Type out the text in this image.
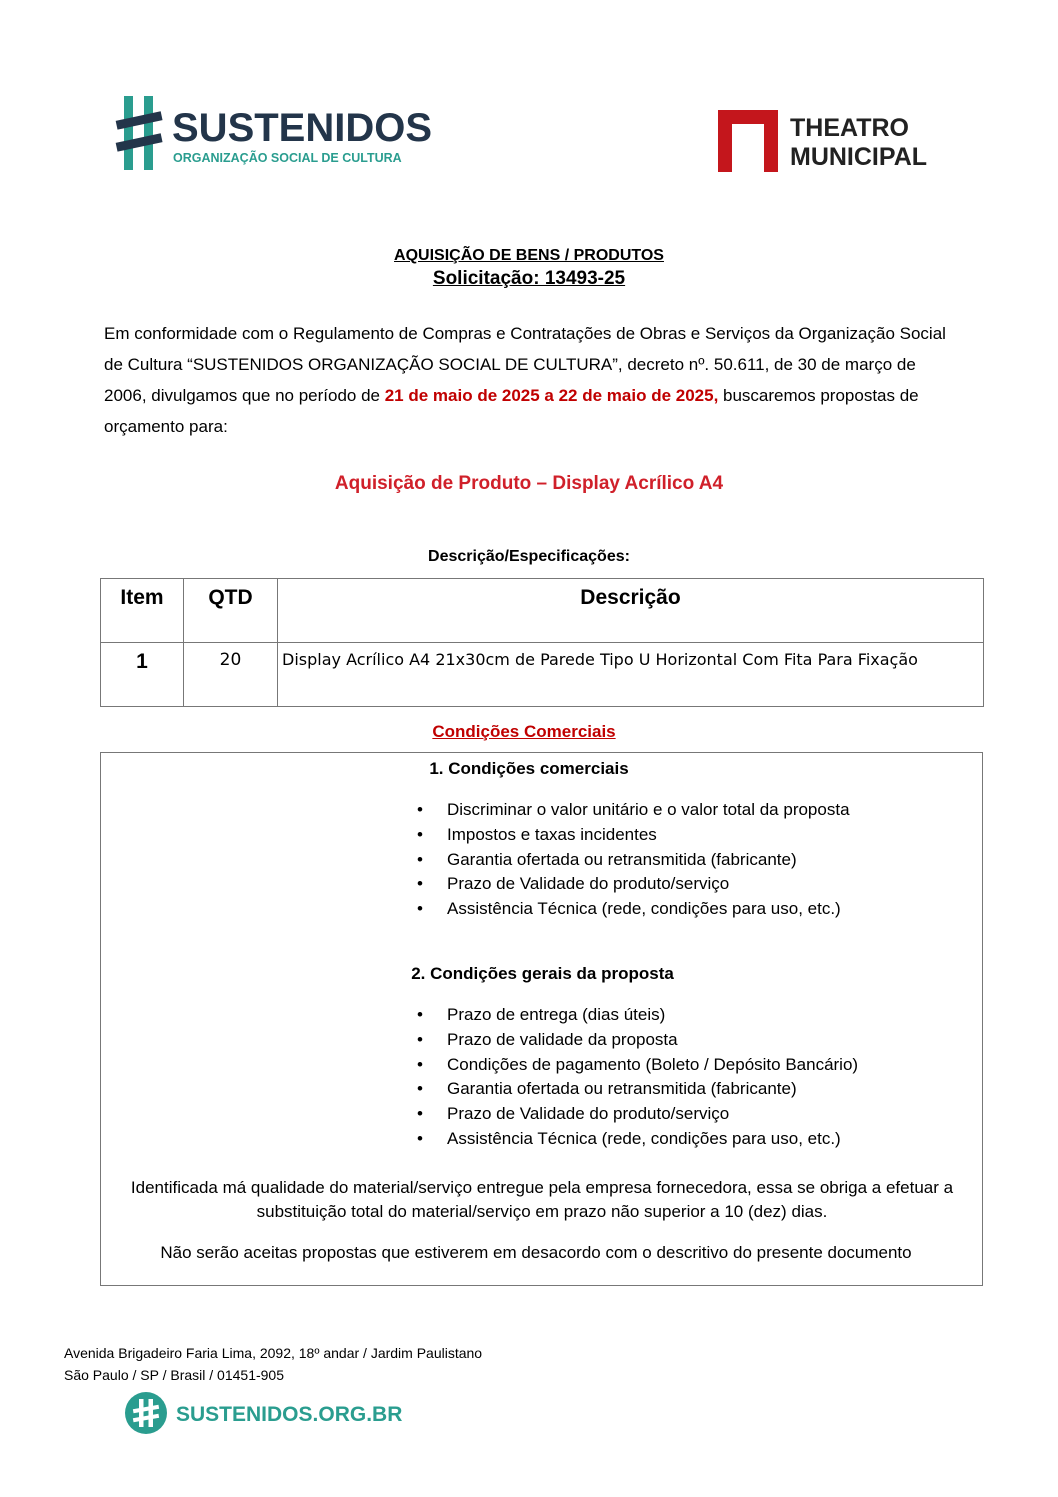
SUSTENIDOS
ORGANIZAÇÃO SOCIAL DE CULTURA
THEATRO
MUNICIPAL
AQUISIÇÃO DE BENS / PRODUTOS
Solicitação: 13493-25
Em conformidade com o Regulamento de Compras e Contratações de Obras e Serviços da Organização Social de Cultura “SUSTENIDOS ORGANIZAÇÃO SOCIAL DE CULTURA”, decreto nº. 50.611, de 30 de março de 2006, divulgamos que no período de 21 de maio de 2025 a 22 de maio de 2025, buscaremos propostas de orçamento para:
Aquisição de Produto – Display Acrílico A4
Descrição/Especificações:
Item	QTD	Descrição
1	20	Display Acrílico A4 21x30cm de Parede Tipo U Horizontal Com Fita Para Fixação
Condições Comerciais
1. Condições comerciais
• Discriminar o valor unitário e o valor total da proposta
• Impostos e taxas incidentes
• Garantia ofertada ou retransmitida (fabricante)
• Prazo de Validade do produto/serviço
• Assistência Técnica (rede, condições para uso, etc.)
2. Condições gerais da proposta
• Prazo de entrega (dias úteis)
• Prazo de validade da proposta
• Condições de pagamento (Boleto / Depósito Bancário)
• Garantia ofertada ou retransmitida (fabricante)
• Prazo de Validade do produto/serviço
• Assistência Técnica (rede, condições para uso, etc.)
Identificada má qualidade do material/serviço entregue pela empresa fornecedora, essa se obriga a efetuar a substituição total do material/serviço em prazo não superior a 10 (dez) dias.
Não serão aceitas propostas que estiverem em desacordo com o descritivo do presente documento
Avenida Brigadeiro Faria Lima, 2092, 18º andar / Jardim Paulistano
São Paulo / SP / Brasil / 01451-905
SUSTENIDOS.ORG.BR
